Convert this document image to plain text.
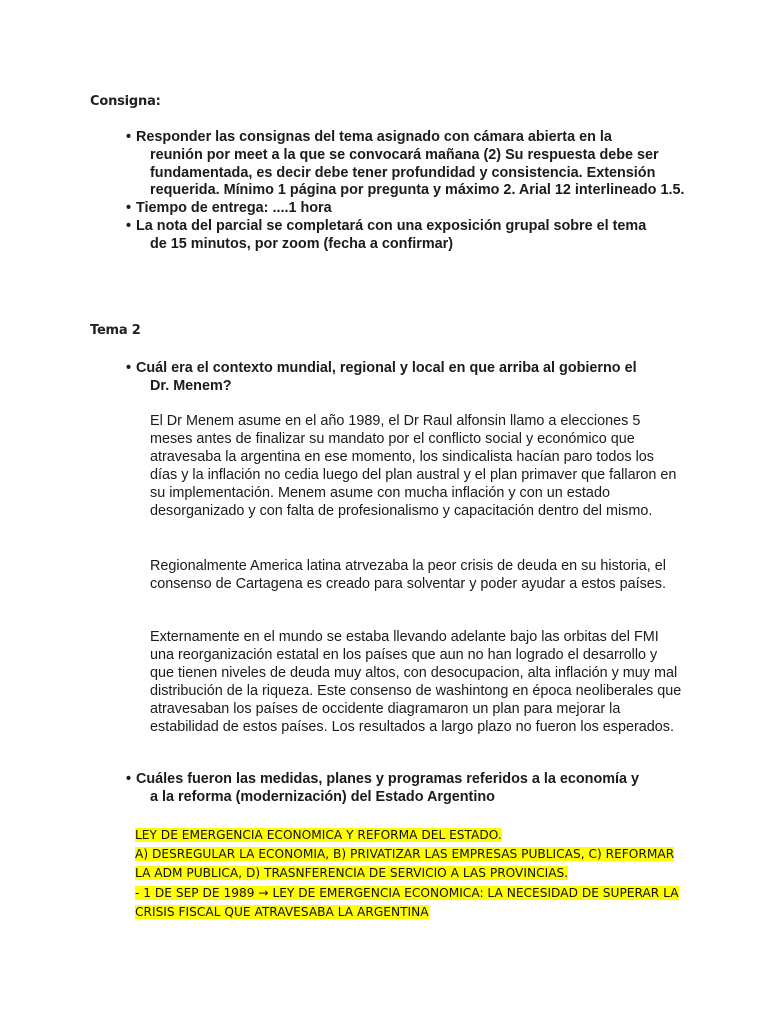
Consigna:
• Responder las consignas del tema asignado con cámara abierta en la
reunión por meet a la que se convocará mañana (2) Su respuesta debe ser fundamentada, es decir debe tener profundidad y consistencia. Extensión requerida. Mínimo 1 página por pregunta y máximo 2. Arial 12 interlineado 1.5.
• Tiempo de entrega: ....1 hora
• La nota del parcial se completará con una exposición grupal sobre el tema
de 15 minutos, por zoom (fecha a confirmar)
Tema 2
• Cuál era el contexto mundial, regional y local en que arriba al gobierno el
Dr. Menem?

El Dr Menem asume en el año 1989, el Dr Raul alfonsin llamo a elecciones 5 meses antes de finalizar su mandato por el conflicto social y económico que atravesaba la argentina en ese momento, los sindicalista hacían paro todos los días y la inflación no cedia luego del plan austral y el plan primaver que fallaron en su implementación. Menem asume con mucha inflación y con un estado desorganizado y con falta de profesionalismo y capacitación dentro del mismo.

Regionalmente America latina atrvezaba la peor crisis de deuda en su historia, el consenso de Cartagena es creado para solventar y poder ayudar a estos países.

Externamente en el mundo se estaba llevando adelante bajo las orbitas del FMI una reorganización estatal en los países que aun no han logrado el desarrollo y que tienen niveles de deuda muy altos, con desocupacion, alta inflación y muy mal distribución de la riqueza. Este consenso de washintong en época neoliberales que atravesaban los países de occidente diagramaron un plan para mejorar la estabilidad de estos países. Los resultados a largo plazo no fueron los esperados.

• Cuáles fueron las medidas, planes y programas referidos a la economía y
a la reforma (modernización) del Estado Argentino
LEY DE EMERGENCIA ECONOMICA Y REFORMA DEL ESTADO.
A) DESREGULAR LA ECONOMIA, B) PRIVATIZAR LAS EMPRESAS PUBLICAS, C) REFORMAR
LA ADM PUBLICA, D) TRASNFERENCIA DE SERVICIO A LAS PROVINCIAS.
- 1 DE SEP DE 1989 → LEY DE EMERGENCIA ECONOMICA: LA NECESIDAD DE SUPERAR LA
CRISIS FISCAL QUE ATRAVESABA LA ARGENTINA
